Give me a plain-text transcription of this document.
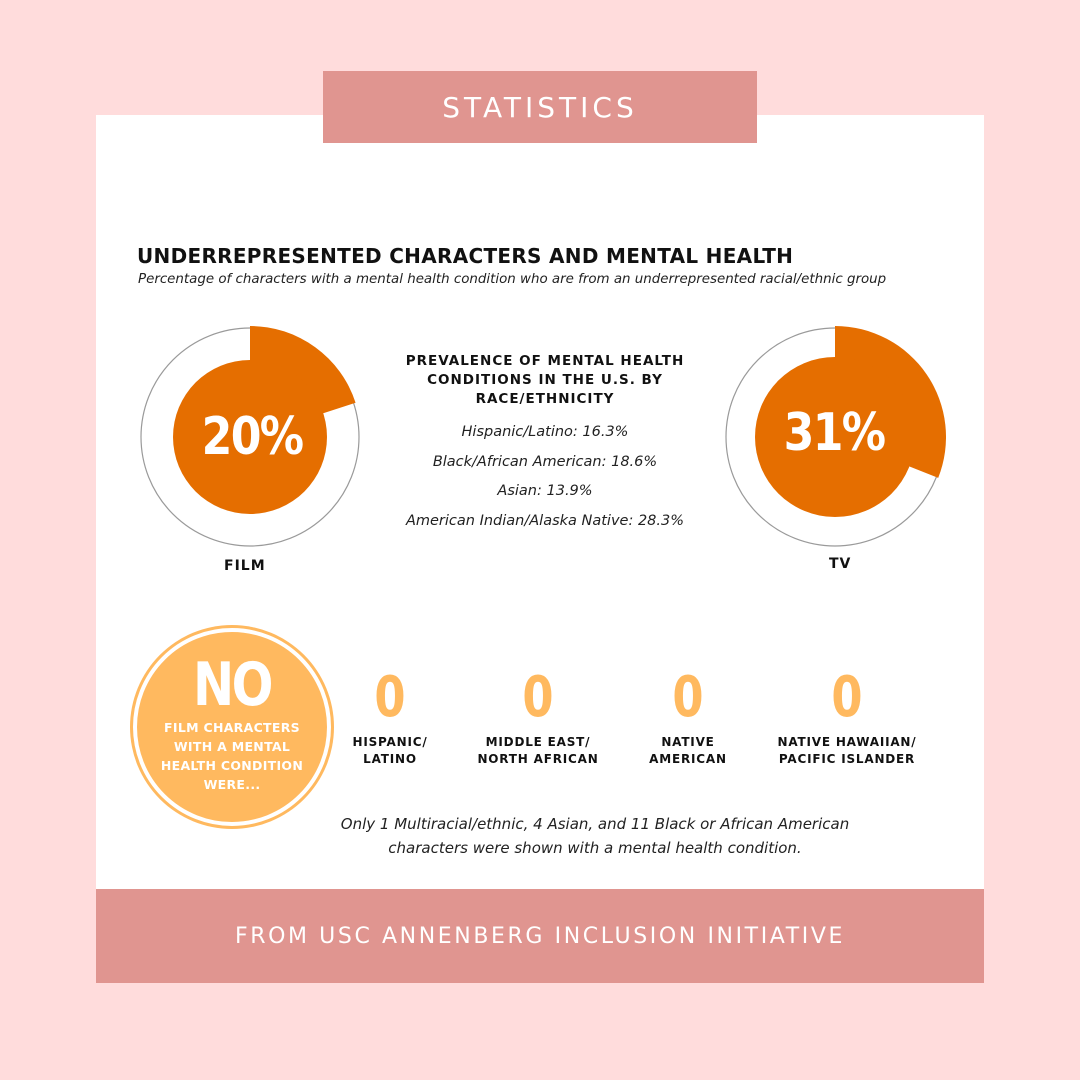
STATISTICS
UNDERREPRESENTED CHARACTERS AND MENTAL HEALTH
Percentage of characters with a mental health condition who are from an underrepresented racial/ethnic group
20%
FILM
31%
TV
PREVALENCE OF MENTAL HEALTH CONDITIONS IN THE U.S. BY RACE/ETHNICITY
Hispanic/Latino: 16.3%
Black/African American: 18.6%
Asian: 13.9%
American Indian/Alaska Native: 28.3%
NO
FILM CHARACTERS WITH A MENTAL HEALTH CONDITION WERE...
0
HISPANIC/ LATINO
0
MIDDLE EAST/ NORTH AFRICAN
0
NATIVE AMERICAN
0
NATIVE HAWAIIAN/ PACIFIC ISLANDER
Only 1 Multiracial/ethnic, 4 Asian, and 11 Black or African American characters were shown with a mental health condition.
FROM USC ANNENBERG INCLUSION INITIATIVE
